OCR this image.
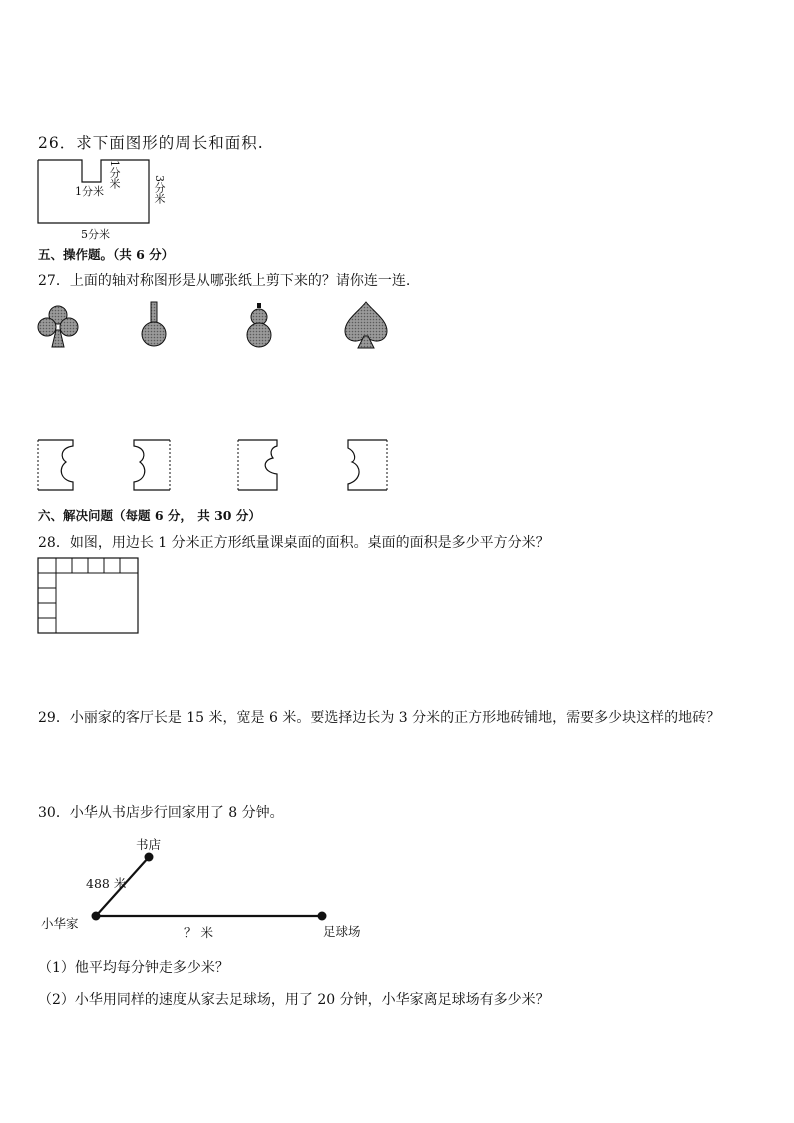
26．求下面图形的周长和面积.
1分米
1分米
3分米
5分米
五、操作题。（共 6 分）
27．上面的轴对称图形是从哪张纸上剪下来的？请你连一连.
六、解决问题（每题 6 分， 共 30 分）
28．如图，用边长 1 分米正方形纸量课桌面的面积。桌面的面积是多少平方分米？
29．小丽家的客厅长是 15 米，宽是 6 米。要选择边长为 3 分米的正方形地砖铺地，需要多少块这样的地砖？
30．小华从书店步行回家用了 8 分钟。
书店
488 米
小华家
？ 米	足球场
（1）他平均每分钟走多少米？
（2）小华用同样的速度从家去足球场，用了 20 分钟，小华家离足球场有多少米？
